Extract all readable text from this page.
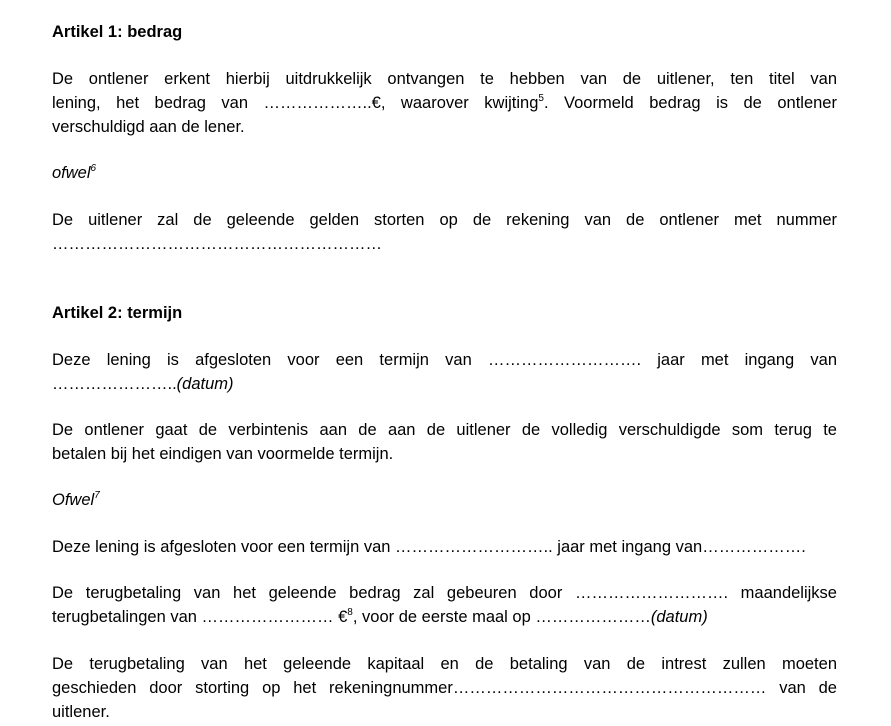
Artikel 1: bedrag
De ontlener erkent hierbij uitdrukkelijk ontvangen te hebben van de uitlener, ten titel van
lening, het bedrag van ………………..€, waarover kwijting$^5$. Voormeld bedrag is de ontlener
verschuldigd aan de lener.
ofwel$^6$
De uitlener zal de geleende gelden storten op de rekening van de ontlener met nummer
……………………………………………………
Artikel 2: termijn
Deze lening is afgesloten voor een termijn van ………………………. jaar met ingang van
…………………..(datum)
De ontlener gaat de verbintenis aan de aan de uitlener de volledig verschuldigde som terug te
betalen bij het eindigen van voormelde termijn.
Ofwel$^7$
Deze lening is afgesloten voor een termijn van ……………………….. jaar met ingang van……………….
De terugbetaling van het geleende bedrag zal gebeuren door ………………………. maandelijkse
terugbetalingen van …………………… €$^8$, voor de eerste maal op …………………(datum)
De terugbetaling van het geleende kapitaal en de betaling van de intrest zullen moeten
geschieden door storting op het rekeningnummer………………………………………………… van de
uitlener.
